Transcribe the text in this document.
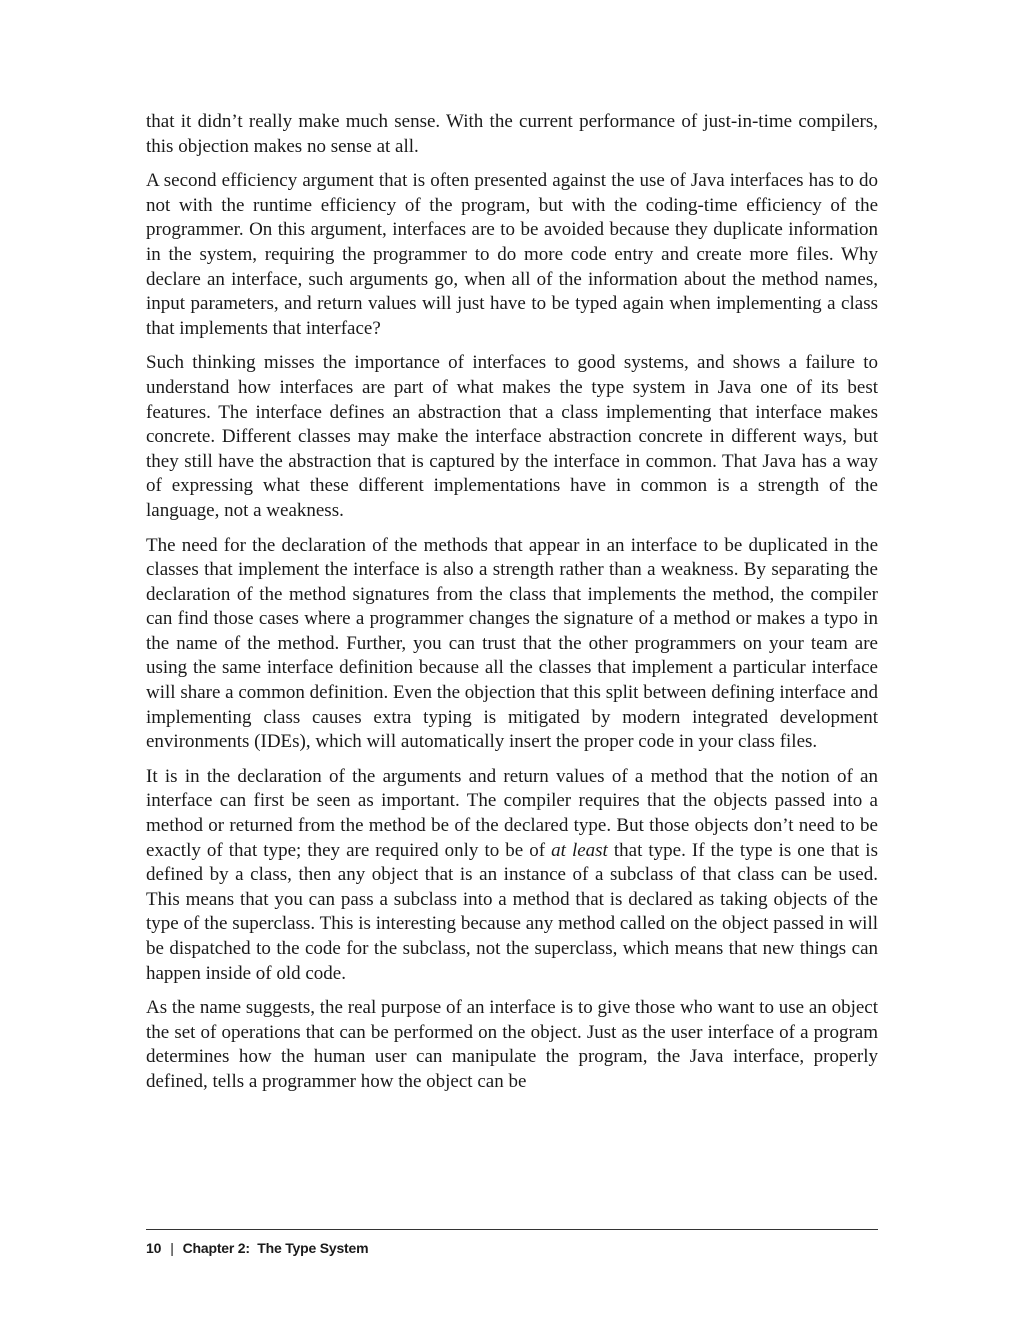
that it didn’t really make much sense. With the current performance of just-in-time compilers, this objection makes no sense at all.

A second efficiency argument that is often presented against the use of Java interfaces has to do not with the runtime efficiency of the program, but with the coding-time efficiency of the programmer. On this argument, interfaces are to be avoided because they duplicate information in the system, requiring the programmer to do more code entry and create more files. Why declare an interface, such arguments go, when all of the information about the method names, input parameters, and return values will just have to be typed again when implementing a class that implements that interface?

Such thinking misses the importance of interfaces to good systems, and shows a failure to understand how interfaces are part of what makes the type system in Java one of its best features. The interface defines an abstraction that a class implementing that interface makes concrete. Different classes may make the interface abstraction concrete in different ways, but they still have the abstraction that is captured by the interface in common. That Java has a way of expressing what these different implementations have in common is a strength of the language, not a weakness.

The need for the declaration of the methods that appear in an interface to be duplicated in the classes that implement the interface is also a strength rather than a weakness. By separating the declaration of the method signatures from the class that implements the method, the compiler can find those cases where a programmer changes the signature of a method or makes a typo in the name of the method. Further, you can trust that the other programmers on your team are using the same interface definition because all the classes that implement a particular interface will share a common definition. Even the objection that this split between defining interface and implementing class causes extra typing is mitigated by modern integrated development environments (IDEs), which will automatically insert the proper code in your class files.

It is in the declaration of the arguments and return values of a method that the notion of an interface can first be seen as important. The compiler requires that the objects passed into a method or returned from the method be of the declared type. But those objects don’t need to be exactly of that type; they are required only to be of at least that type. If the type is one that is defined by a class, then any object that is an instance of a subclass of that class can be used. This means that you can pass a subclass into a method that is declared as taking objects of the type of the superclass. This is interesting because any method called on the object passed in will be dispatched to the code for the subclass, not the superclass, which means that new things can happen inside of old code.

As the name suggests, the real purpose of an interface is to give those who want to use an object the set of operations that can be performed on the object. Just as the user interface of a program determines how the human user can manipulate the program, the Java interface, properly defined, tells a programmer how the object can be

10 | Chapter 2:  The Type System
